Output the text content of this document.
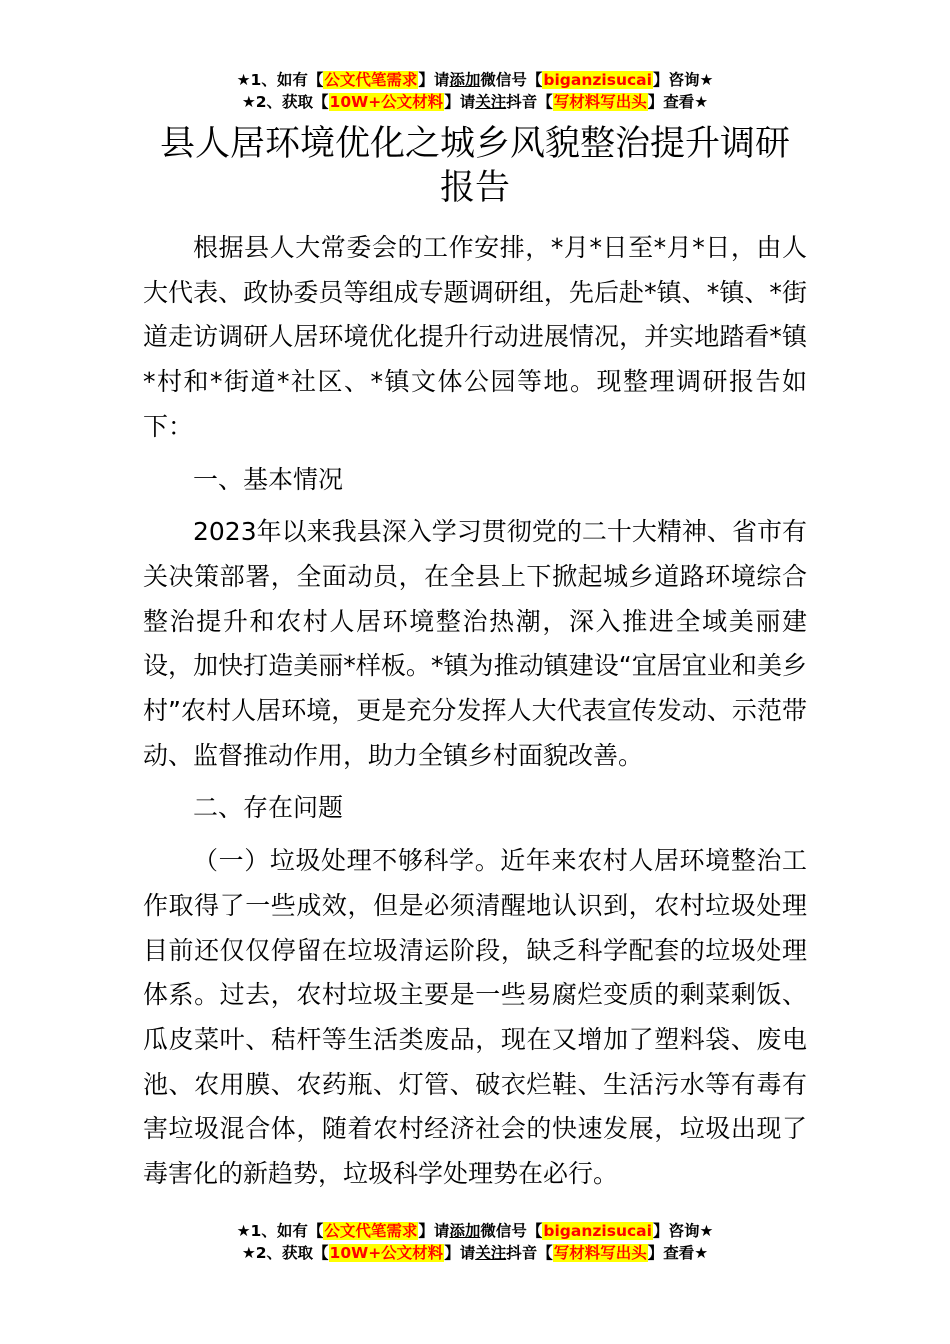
★1、如有【公文代笔需求】请添加微信号【biganzisucai】咨询★
★2、获取【10W+公文材料】请关注抖音【写材料写出头】查看★
县人居环境优化之城乡风貌整治提升调研报告

根据县人大常委会的工作安排，*月*日至*月*日，由人大代表、政协委员等组成专题调研组，先后赴*镇、*镇、*街道走访调研人居环境优化提升行动进展情况，并实地踏看*镇*村和*街道*社区、*镇文体公园等地。现整理调研报告如下：

一、基本情况

2023年以来我县深入学习贯彻党的二十大精神、省市有关决策部署，全面动员，在全县上下掀起城乡道路环境综合整治提升和农村人居环境整治热潮，深入推进全域美丽建设，加快打造美丽*样板。*镇为推动镇建设“宜居宜业和美乡村”农村人居环境，更是充分发挥人大代表宣传发动、示范带动、监督推动作用，助力全镇乡村面貌改善。

二、存在问题

（一）垃圾处理不够科学。近年来农村人居环境整治工作取得了一些成效，但是必须清醒地认识到，农村垃圾处理目前还仅仅停留在垃圾清运阶段，缺乏科学配套的垃圾处理体系。过去，农村垃圾主要是一些易腐烂变质的剩菜剩饭、瓜皮菜叶、秸杆等生活类废品，现在又增加了塑料袋、废电池、农用膜、农药瓶、灯管、破衣烂鞋、生活污水等有毒有害垃圾混合体，随着农村经济社会的快速发展，垃圾出现了毒害化的新趋势，垃圾科学处理势在必行。

★1、如有【公文代笔需求】请添加微信号【biganzisucai】咨询★
★2、获取【10W+公文材料】请关注抖音【写材料写出头】查看★
